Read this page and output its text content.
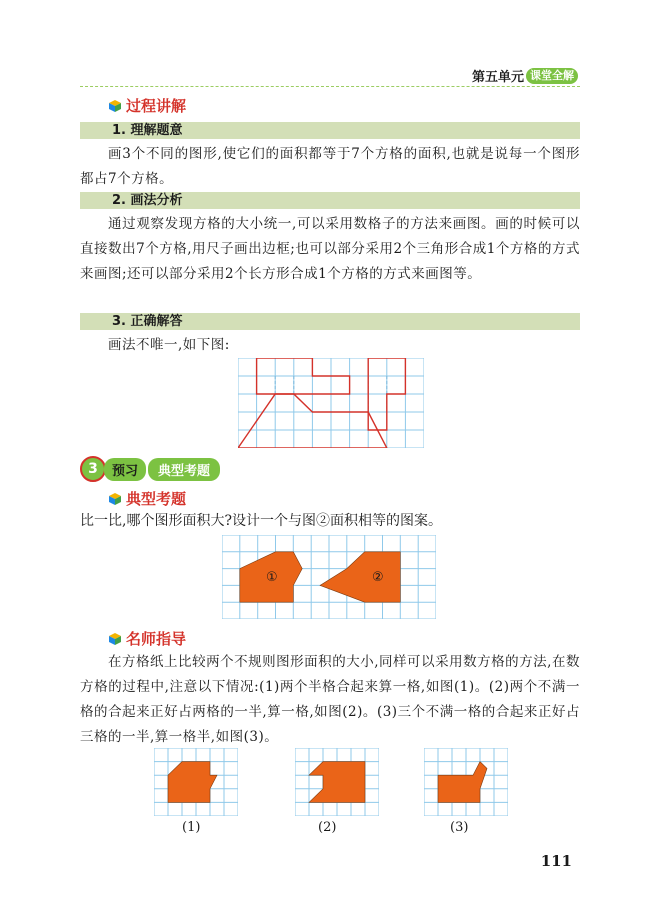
第五单元 课堂全解
过程讲解
1. 理解题意
画3个不同的图形,使它们的面积都等于7个方格的面积,也就是说每一个图形都占7个方格。
2. 画法分析
通过观察发现方格的大小统一,可以采用数格子的方法来画图。画的时候可以直接数出7个方格,用尺子画出边框;也可以部分采用2个三角形合成1个方格的方式来画图;还可以部分采用2个长方形合成1个方格的方式来画图等。
3. 正确解答
画法不唯一,如下图:
3	预习	典型考题
典型考题
比一比,哪个图形面积大?设计一个与图②面积相等的图案。
①	②
名师指导
在方格纸上比较两个不规则图形面积的大小,同样可以采用数方格的方法,在数方格的过程中,注意以下情况:(1)两个半格合起来算一格,如图(1)。(2)两个不满一格的合起来正好占两格的一半,算一格,如图(2)。(3)三个不满一格的合起来正好占三格的一半,算一格半,如图(3)。
(1)	(2)	(3)
111
